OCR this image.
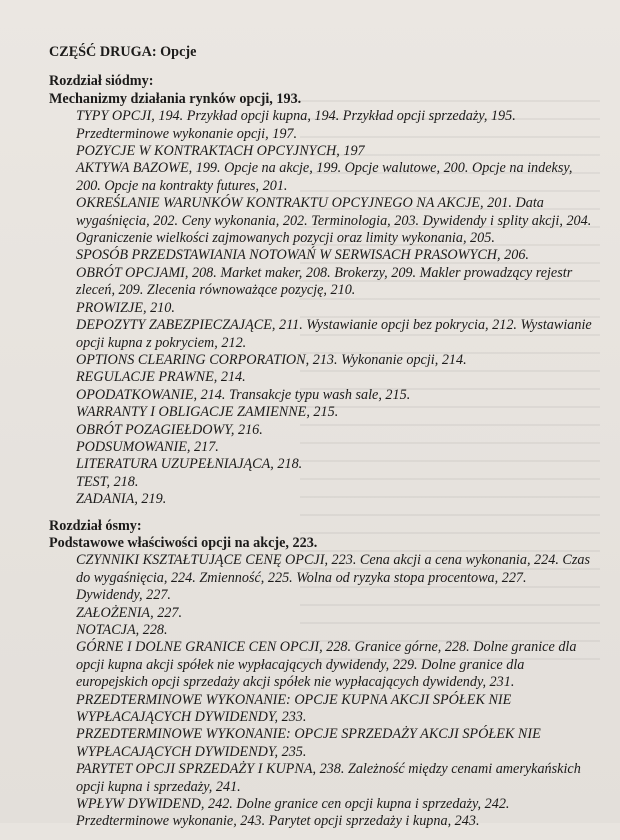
CZĘŚĆ DRUGA: Opcje
Rozdział siódmy:
Mechanizmy działania rynków opcji, 193.
TYPY OPCJI, 194. Przykład opcji kupna, 194. Przykład opcji sprzedaży, 195. Przedterminowe wykonanie opcji, 197.
POZYCJE W KONTRAKTACH OPCYJNYCH, 197
AKTYWA BAZOWE, 199. Opcje na akcje, 199. Opcje walutowe, 200. Opcje na indeksy, 200. Opcje na kontrakty futures, 201.
OKREŚLANIE WARUNKÓW KONTRAKTU OPCYJNEGO NA AKCJE, 201. Data wygaśnięcia, 202. Ceny wykonania, 202. Terminologia, 203. Dywidendy i splity akcji, 204. Ograniczenie wielkości zajmowanych pozycji oraz limity wykonania, 205.
SPOSÓB PRZEDSTAWIANIA NOTOWAŃ W SERWISACH PRASOWYCH, 206.
OBRÓT OPCJAMI, 208. Market maker, 208. Brokerzy, 209. Makler prowadzący rejestr zleceń, 209. Zlecenia równoważące pozycję, 210.
PROWIZJE, 210.
DEPOZYTY ZABEZPIECZAJĄCE, 211. Wystawianie opcji bez pokrycia, 212. Wystawianie opcji kupna z pokryciem, 212.
OPTIONS CLEARING CORPORATION, 213. Wykonanie opcji, 214.
REGULACJE PRAWNE, 214.
OPODATKOWANIE, 214. Transakcje typu wash sale, 215.
WARRANTY I OBLIGACJE ZAMIENNE, 215.
OBRÓT POZAGIEŁDOWY, 216.
PODSUMOWANIE, 217.
LITERATURA UZUPEŁNIAJĄCA, 218.
TEST, 218.
ZADANIA, 219.
Rozdział ósmy:
Podstawowe właściwości opcji na akcje, 223.
CZYNNIKI KSZTAŁTUJĄCE CENĘ OPCJI, 223. Cena akcji a cena wykonania, 224. Czas do wygaśnięcia, 224. Zmienność, 225. Wolna od ryzyka stopa procentowa, 227. Dywidendy, 227.
ZAŁOŻENIA, 227.
NOTACJA, 228.
GÓRNE I DOLNE GRANICE CEN OPCJI, 228. Granice górne, 228. Dolne granice dla opcji kupna akcji spółek nie wypłacających dywidendy, 229. Dolne granice dla europejskich opcji sprzedaży akcji spółek nie wypłacających dywidendy, 231.
PRZEDTERMINOWE WYKONANIE: OPCJE KUPNA AKCJI SPÓŁEK NIE WYPŁACAJĄCYCH DYWIDENDY, 233.
PRZEDTERMINOWE WYKONANIE: OPCJE SPRZEDAŻY AKCJI SPÓŁEK NIE WYPŁACAJĄCYCH DYWIDENDY, 235.
PARYTET OPCJI SPRZEDAŻY I KUPNA, 238. Zależność między cenami amerykańskich opcji kupna i sprzedaży, 241.
WPŁYW DYWIDEND, 242. Dolne granice cen opcji kupna i sprzedaży, 242. Przedterminowe wykonanie, 243. Parytet opcji sprzedaży i kupna, 243.
